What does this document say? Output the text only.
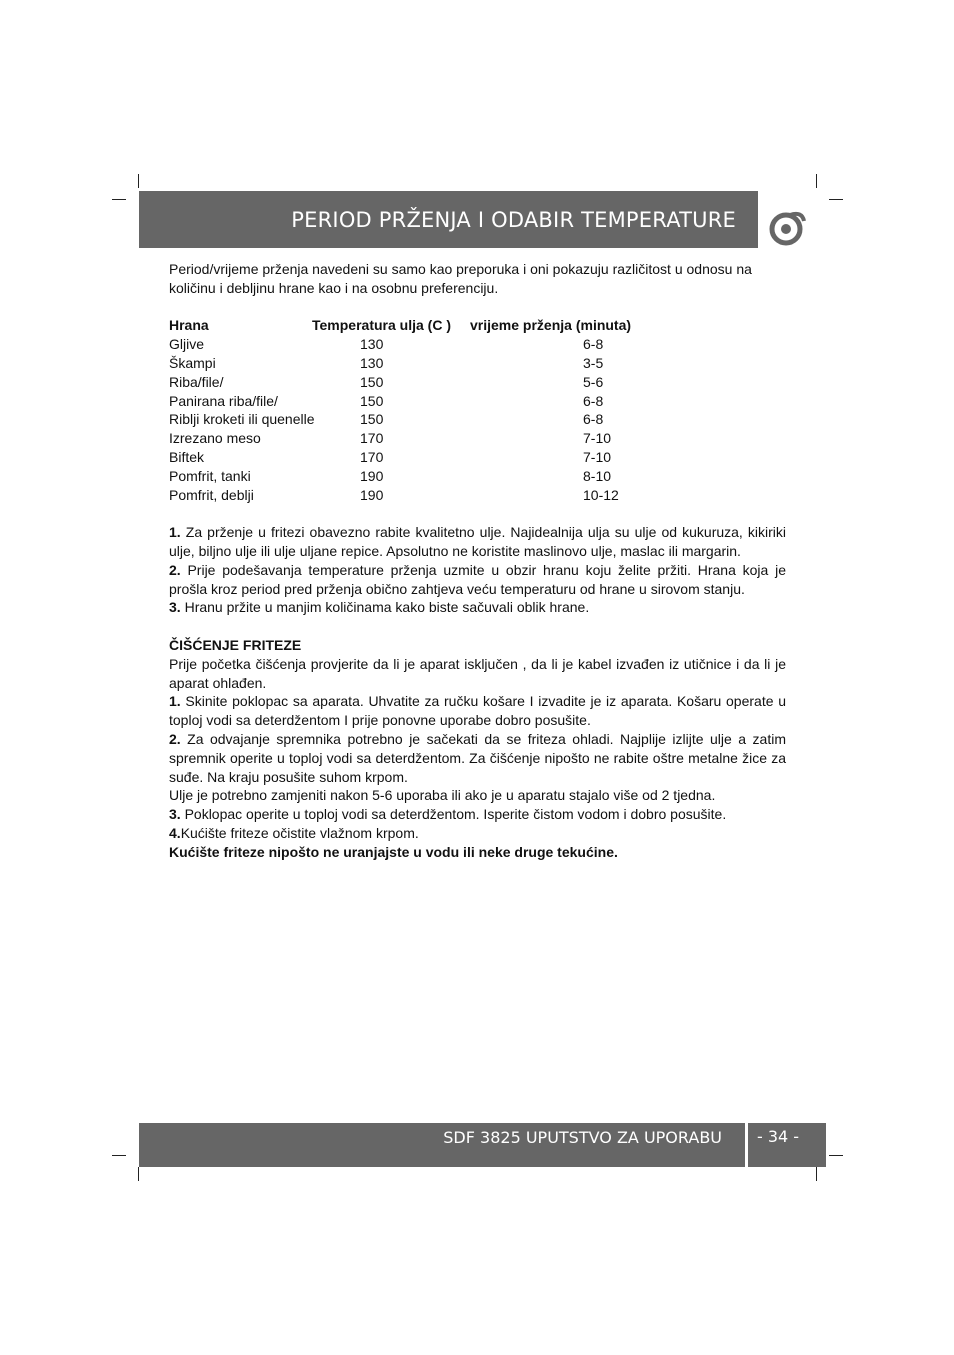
PERIOD PRŽENJA I ODABIR TEMPERATURE

Period/vrijeme prženja navedeni su samo kao preporuka i oni pokazuju različitost u odnosu na količinu i debljinu hrane kao i na osobnu preferenciju.

Hrana	Temperatura ulja (C )	vrijeme prženja (minuta)
Gljive	130	6-8
Škampi	130	3-5
Riba/file/	150	5-6
Panirana riba/file/	150	6-8
Ribljі kroketi ili quenelle	150	6-8
Izrezano meso	170	7-10
Biftek	170	7-10
Pomfrit, tanki	190	8-10
Pomfrit, debljі	190	10-12

1. Za prženje u fritezi obavezno rabite kvalitetno ulje. Najidealnija ulja su ulje od kukuruza, kikiriki ulje, biljno ulje ili ulje uljane repice. Apsolutno ne koristite maslinovo ulje, maslac ili margarin.

2. Prije podešavanja temperature prženja uzmite u obzir hranu koju želite pržiti. Hrana koja je prošla kroz period pred prženja obično zahtjeva veću temperaturu od hrane u sirovom stanju.

3. Hranu pržite u manjim količinama kako biste sačuvali oblik hrane.

ČIŠĆENJE FRITEZE

Prije početka čišćenja provjerite da li je aparat isključen , da li je kabel izvađen iz utičnice i da li je aparat ohlađen.

1. Skinite poklopac sa aparata. Uhvatite za ručku košare I izvadite je iz aparata. Košaru operate u toploj vodi sa deterdžentom I prije ponovne uporabe dobro posušite.

2. Za odvajanje spremnika potrebno je sačekati da se friteza ohladi. Najplije izlijte ulje a zatim spremnik operite u toploj vodi sa deterdžentom. Za čišćenje nipošto ne rabite oštre metalne žice za suđe. Na kraju posušite suhom krpom.

Ulje je potrebno zamjeniti nakon 5-6 uporaba ili ako je u aparatu stajalo više od 2 tjedna.

3. Poklopac operite u toploj vodi sa deterdžentom. Isperite čistom vodom i dobro posušite.

4.Kućište friteze očistite vlažnom krpom.

Kućište friteze nipošto ne uranjajste u vodu ili neke druge tekućine.

SDF 3825 UPUTSTVO ZA UPORABU - 34 -
